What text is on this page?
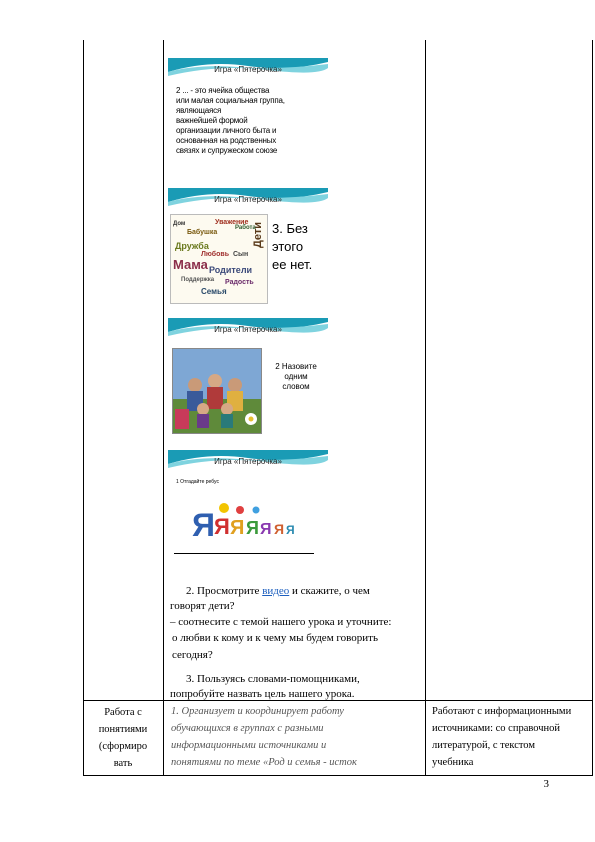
Игра «Пятерочка»
2 ... - это ячейка общества
или малая социальная группа,
являющаяся
важнейшей формой
организации личного быта и
основанная на родственных
связях и супружеском союзе
Игра «Пятерочка»
Мама
Дружба
Родители
Дети
Уважение
Работа
Бабушка
Поддержка
Дом
Любовь
Семья
Радость
Сын
3. Без
этого
ее нет.
Игра «Пятерочка»
2 Назовите
одним
словом
Игра «Пятерочка»
1 Отгадайте ребус
Я Я Я Я Я Я Я
2. Просмотрите видео и скажите, о чем
говорят дети?
– соотнесите с темой нашего урока и уточните:
о любви к кому и к чему мы будем говорить
сегодня?
3. Пользуясь словами-помощниками,
попробуйте назвать цель нашего урока.
Работа с
понятиями
(сформиро
вать
1. Организует и координирует работу
обучающихся в группах с разными
информационными источниками и
понятиями по теме «Род и семья - исток
Работают с информационными
источниками: со справочной
литературой, с текстом
учебника
3
